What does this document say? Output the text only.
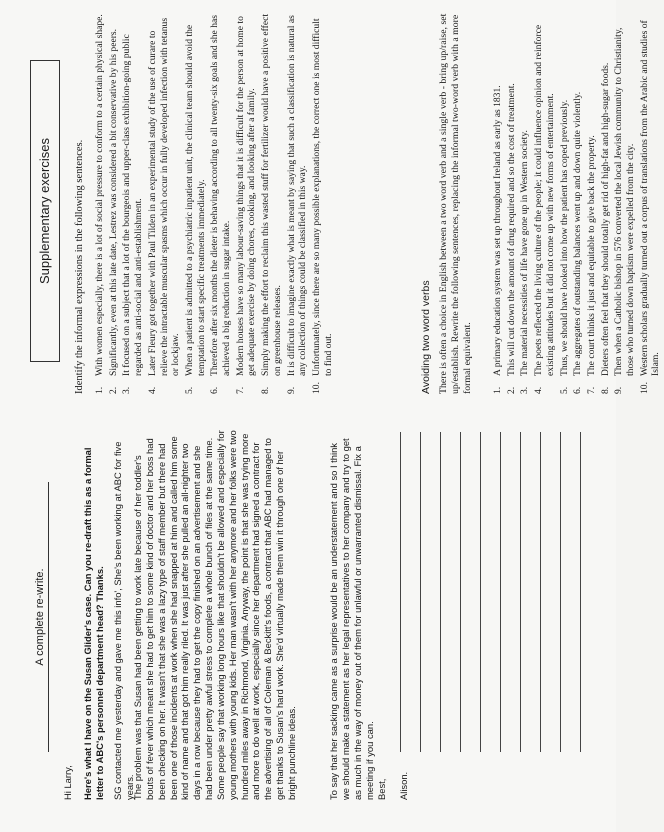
A complete re-write.
Hi Larry, Here's what I have on the Susan Glider's case. Can you re-draft this as a formal letter to ABC's personnel department head? Thanks. SG contacted me yesterday and gave me this info', She's been working at ABC for five years.
The problem was that Susan had been getting to work late because of her toddler's bouts of fever which meant she had to get him to some kind of doctor and her boss had been checking on her. It wasn't that she was a lazy type of staff member but there had been one of those incidents at work when she had snapped at him and called him some kind of name and that got him really riled. It was just after she pulled an all-nighter two days in a row because they had to get the copy finished on an advertisement and she had been under pretty awful stress to complete a whole bunch of files at the same time. Some people say that working long hours like that shouldn't be allowed and especially for young mothers with young kids. Her man wasn't with her anymore and her folks were two hundred miles away in Richmond, Virginia. Anyway, the point is that she was trying more and more to do well at work, especially since her department had signed a contract for the advertising of all of Coleman & Beckitt's foods, a contract that ABC had managed to get thanks to Susan's hard work. She'd virtually made them win it through one of her bright punchline ideas.	To say that her sacking came as a surprise would be an understatement and so I think we should make a statement as her legal representatives to her company and try to get as much in the way of money out of them for unlawful or unwarranted dismissal. Fix a meeting if you can. Best, Alison.
Supplementary exercises	Identify the informal expressions in the following sentences. 1.
With women especially, there is a lot of social pressure to conform to a certain physical shape.
2.
Significantly, even at this late date, Lestrez was considered a bit conservative by his peers.
3.
It focused on a subject that a lot of the bourgeois and upper-class exhibition-going public regarded as anti-social and anti-establishment.
4.
Later Fleury got together with Paul Tilden in an experimental study of the use of curare to relieve the intractable muscular spasms which occur in fully developed infection with tetanus or lockjaw.
5.
When a patient is admitted to a psychiatric inpatient unit, the clinical team should avoid the temptation to start specific treatments immediately.
6.
Therefore after six months the dieter is behaving according to all twenty-six goals and she has achieved a big reduction in sugar intake.
7.
Modern houses have so many labour-saving things that it is difficult for the person at home to get adequate exercise by doing chores, cooking, and looking after a family.
8.
Simply making the effort to reclaim this wasted stuff for fertilizer would have a positive effect on greenhouse releases.
9.
It is difficult to imagine exactly what is meant by saying that such a classification is natural as any collection of things could be classified in this way.
10.
Unfortunately, since there are so many possible explanations, the correct one is most difficult to find out.	Avoiding two word verbs There is often a choice in English between a two word verb and a single verb - bring up/raise, set up/establish. Rewrite the following sentences, replacing the informal two-word verb with a more formal equivalent. 1.
A primary education system was set up throughout Ireland as early as 1831.
2.
This will cut down the amount of drug required and so the cost of treatment.
3.
The material necessities of life have gone up in Western society.
4.
The poets reflected the living culture of the people; it could influence opinion and reinforce existing attitudes but it did not come up with new forms of entertainment.
5.
Thus, we should have looked into how the patient has coped previously.
6.
The aggregates of outstanding balances went up and down quite violently.
7.
The court thinks it just and equitable to give back the property.
8.
Dieters often feel that they should totally get rid of high-fat and high-sugar foods.
9.
Then when a Catholic bishop in 576 converted the local Jewish community to Christianity, those who turned down baptism were expelled from the city.
10.
Western scholars gradually turned out a corpus of translations from the Arabic and studies of Islam.
